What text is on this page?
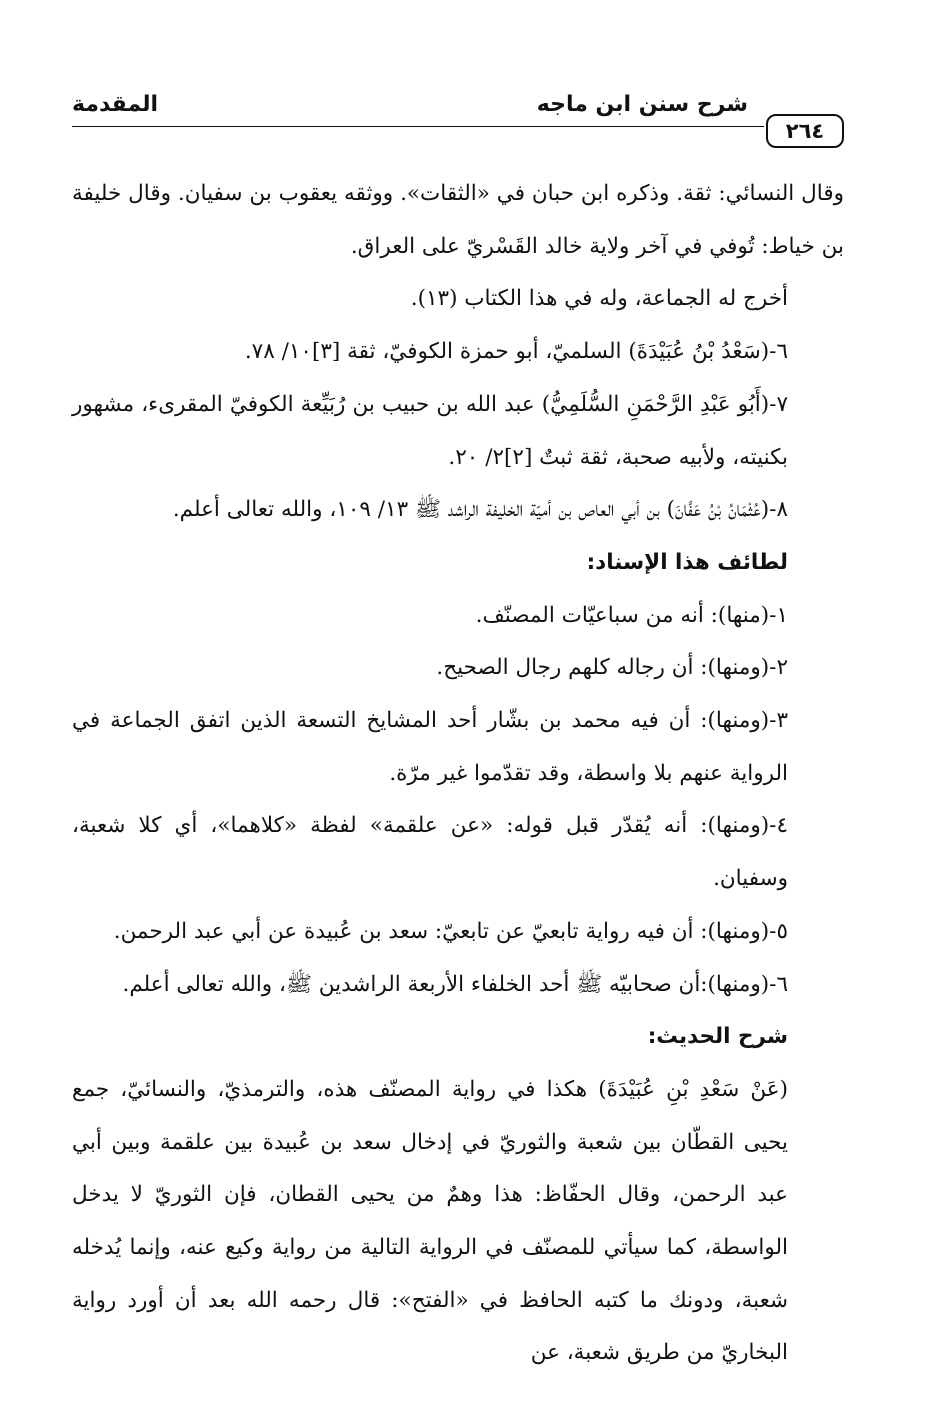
المقدمة	شرح سنن ابن ماجه
٢٦٤

وقال النسائي: ثقة. وذكره ابن حبان في «الثقات». ووثقه يعقوب بن سفيان. وقال خليفة بن خياط: تُوفي في آخر ولاية خالد القَسْريّ على العراق.

أخرج له الجماعة، وله في هذا الكتاب (١٣).

٦-(سَعْدُ بْنُ عُبَيْدَةَ) السلميّ، أبو حمزة الكوفيّ، ثقة [٣]١٠/ ٧٨.

٧-(أَبُو عَبْدِ الرَّحْمَنِ السُّلَمِيُّ) عبد الله بن حبيب بن رُبَيِّعة الكوفيّ المقرىء، مشهور بكنيته، ولأبيه صحبة، ثقة ثبتٌ [٢]٢/ ٢٠.

٨-(عُثْمَانُ بْنُ عَفَّانَ) بن أبي العاص بن أميّة الخليفة الراشد ﷺ ١٣/ ١٠٩، والله تعالى أعلم.

لطائف هذا الإسناد:

١-(منها): أنه من سباعيّات المصنّف.

٢-(ومنها): أن رجاله كلهم رجال الصحيح.

٣-(ومنها): أن فيه محمد بن بشّار أحد المشايخ التسعة الذين اتفق الجماعة في الرواية عنهم بلا واسطة، وقد تقدّموا غير مرّة.

٤-(ومنها): أنه يُقدّر قبل قوله: «عن علقمة» لفظة «كلاهما»، أي كلا شعبة، وسفيان.

٥-(ومنها): أن فيه رواية تابعيّ عن تابعيّ: سعد بن عُبيدة عن أبي عبد الرحمن.

٦-(ومنها):أن صحابيّه ﷺ أحد الخلفاء الأربعة الراشدين ﷺ، والله تعالى أعلم.

شرح الحديث:

(عَنْ سَعْدِ بْنِ عُبَيْدَةَ) هكذا في رواية المصنّف هذه، والترمذيّ، والنسائيّ، جمع يحيى القطّان بين شعبة والثوريّ في إدخال سعد بن عُبيدة بين علقمة وبين أبي عبد الرحمن، وقال الحفّاظ: هذا وهمٌ من يحيى القطان، فإن الثوريّ لا يدخل الواسطة، كما سيأتي للمصنّف في الرواية التالية من رواية وكيع عنه، وإنما يُدخله شعبة، ودونك ما كتبه الحافظ في «الفتح»: قال رحمه الله بعد أن أورد رواية البخاريّ من طريق شعبة، عن
